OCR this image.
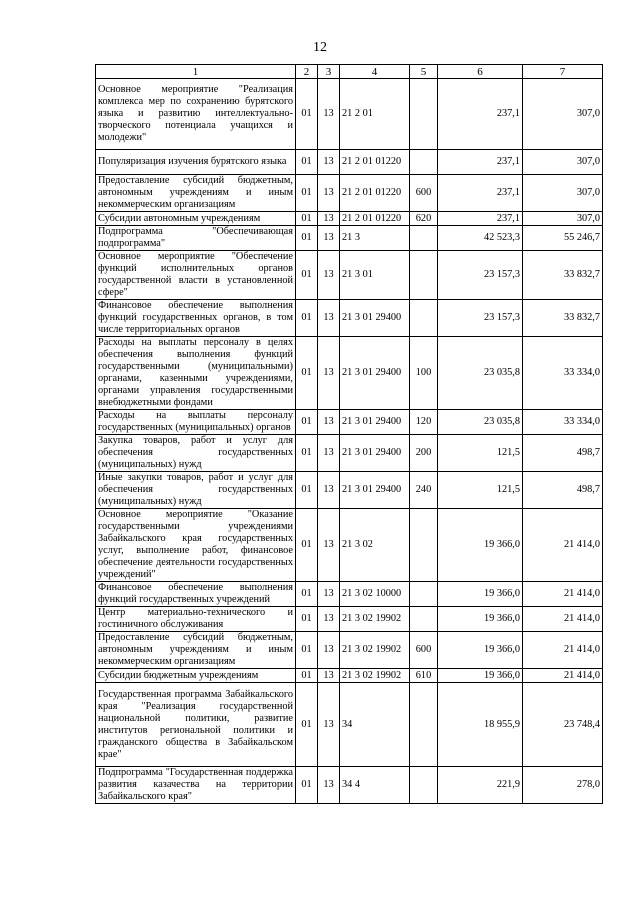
12
1	2	3	4	5	6	7
Основное мероприятие "Реализация комплекса мер по сохранению бурятского языка и развитию интеллектуально-творческого потенциала учащихся и молодежи"	01	13	21 2 01		237,1	307,0
Популяризация изучения бурятского языка	01	13	21 2 01 01220		237,1	307,0
Предоставление субсидий бюджетным, автономным учреждениям и иным некоммерческим организациям	01	13	21 2 01 01220	600	237,1	307,0
Субсидии автономным учреждениям	01	13	21 2 01 01220	620	237,1	307,0
Подпрограмма "Обеспечивающая подпрограмма"	01	13	21 3		42 523,3	55 246,7
Основное мероприятие "Обеспечение функций исполнительных органов государственной власти в установленной сфере"	01	13	21 3 01		23 157,3	33 832,7
Финансовое обеспечение выполнения функций государственных органов, в том числе территориальных органов	01	13	21 3 01 29400		23 157,3	33 832,7
Расходы на выплаты персоналу в целях обеспечения выполнения функций государственными (муниципальными) органами, казенными учреждениями, органами управления государственными внебюджетными фондами	01	13	21 3 01 29400	100	23 035,8	33 334,0
Расходы на выплаты персоналу государственных (муниципальных) органов	01	13	21 3 01 29400	120	23 035,8	33 334,0
Закупка товаров, работ и услуг для обеспечения государственных (муниципальных) нужд	01	13	21 3 01 29400	200	121,5	498,7
Иные закупки товаров, работ и услуг для обеспечения государственных (муниципальных) нужд	01	13	21 3 01 29400	240	121,5	498,7
Основное мероприятие "Оказание государственными учреждениями Забайкальского края государственных услуг, выполнение работ, финансовое обеспечение деятельности государственных учреждений"	01	13	21 3 02		19 366,0	21 414,0
Финансовое обеспечение выполнения функций государственных учреждений	01	13	21 3 02 10000		19 366,0	21 414,0
Центр материально-технического и гостиничного обслуживания	01	13	21 3 02 19902		19 366,0	21 414,0
Предоставление субсидий бюджетным, автономным учреждениям и иным некоммерческим организациям	01	13	21 3 02 19902	600	19 366,0	21 414,0
Субсидии бюджетным учреждениям	01	13	21 3 02 19902	610	19 366,0	21 414,0
Государственная программа Забайкальского края "Реализация государственной национальной политики, развитие институтов региональной политики и гражданского общества в Забайкальском крае"	01	13	34		18 955,9	23 748,4
Подпрограмма "Государственная поддержка развития казачества на территории Забайкальского края"	01	13	34 4		221,9	278,0
